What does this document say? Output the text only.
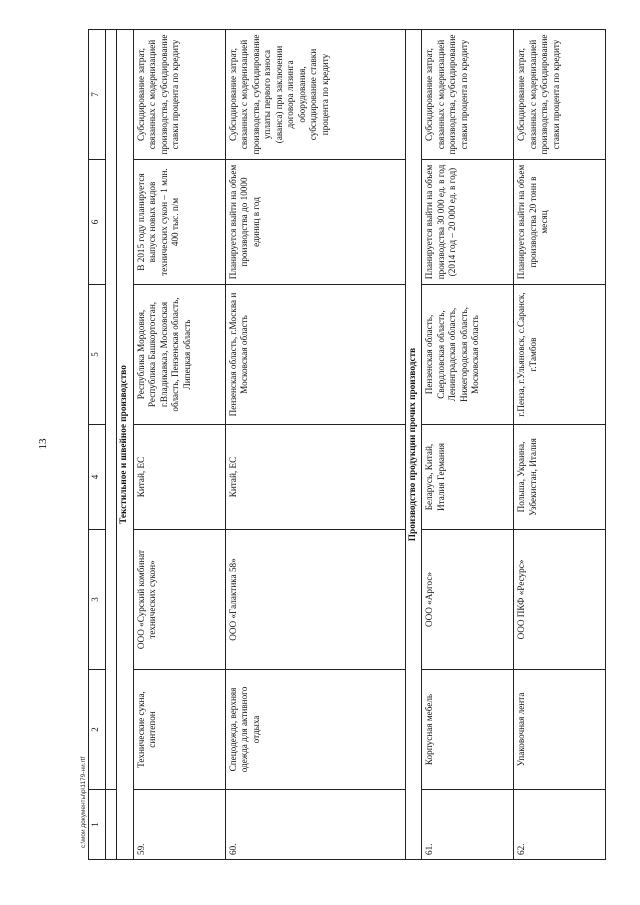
13
1	2	3	4	5	6	7

Текстильное и швейное производство						
59.	Технические сукна, синтепон	ООО «Сурский комбинат технических сукон»	Китай, ЕС	Республика Мордовия, Республика Башкортостан, г.Владикавказ, Московская область, Пензенская область, Липецкая область	В 2015 году планируется выпуск новых видов технических сукон – 1 млн. 400 тыс. п/м	Субсидирование затрат, связанных с модернизацией производства, субсидирование ставки процента по кредиту
60.	Спецодежда, верхняя одежда для активного отдыха	ООО «Галактика 58»	Китай, ЕС	Пензенская область, г.Москва и Московская область	Планируется выйти на объем производства до 10000 единиц в год	Субсидирование затрат, связанных с модернизацией производства, субсидирование уплаты первого взноса (аванса) при заключении договора лизинга оборудования, субсидирование ставки процента по кредиту
Производство продукции прочих производств						
61.	Корпусная мебель	ООО «Аргос»	Беларусь, Китай, Италия Германия	Пензенская область, Свердловская область, Ленинградская область, Нижегородская область, Московская область	Планируется выйти на объем производства 30 000 ед. в год (2014 год – 20 000 ед. в год)	Субсидирование затрат, связанных с модернизацией производства, субсидирование ставки процента по кредиту
62.	Упаковочная лента	ООО ПКФ «Ресурс»	Польша, Украина, Узбекистан, Италия	г.Пенза, г.Ульяновск, с.Саранск, г.Тамбов	Планируется выйти на объем производства 20 тонн в месяц	Субсидирование затрат, связанных с модернизацией производства, субсидирование ставки процента по кредиту
c:\мои документы\р\1179-ни.rtf
